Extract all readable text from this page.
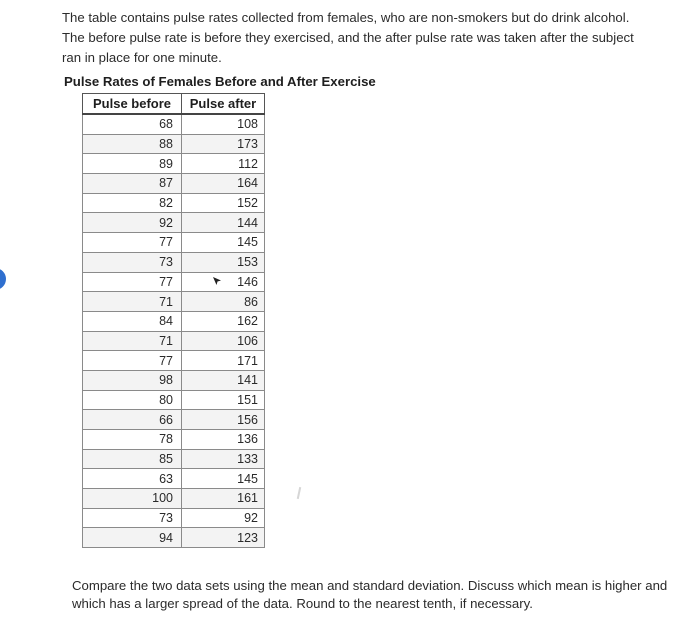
The table contains pulse rates collected from females, who are non-smokers but do drink alcohol. The before pulse rate is before they exercised, and the after pulse rate was taken after the subject ran in place for one minute.
Pulse Rates of Females Before and After Exercise
Pulse before	Pulse after
68	108
88	173
89	112
87	164
82	152
92	144
77	145
73	153
77	146
71	86
84	162
71	106
77	171
98	141
80	151
66	156
78	136
85	133
63	145
100	161
73	92
94	123
Compare the two data sets using the mean and standard deviation. Discuss which mean is higher and which has a larger spread of the data. Round to the nearest tenth, if necessary.
